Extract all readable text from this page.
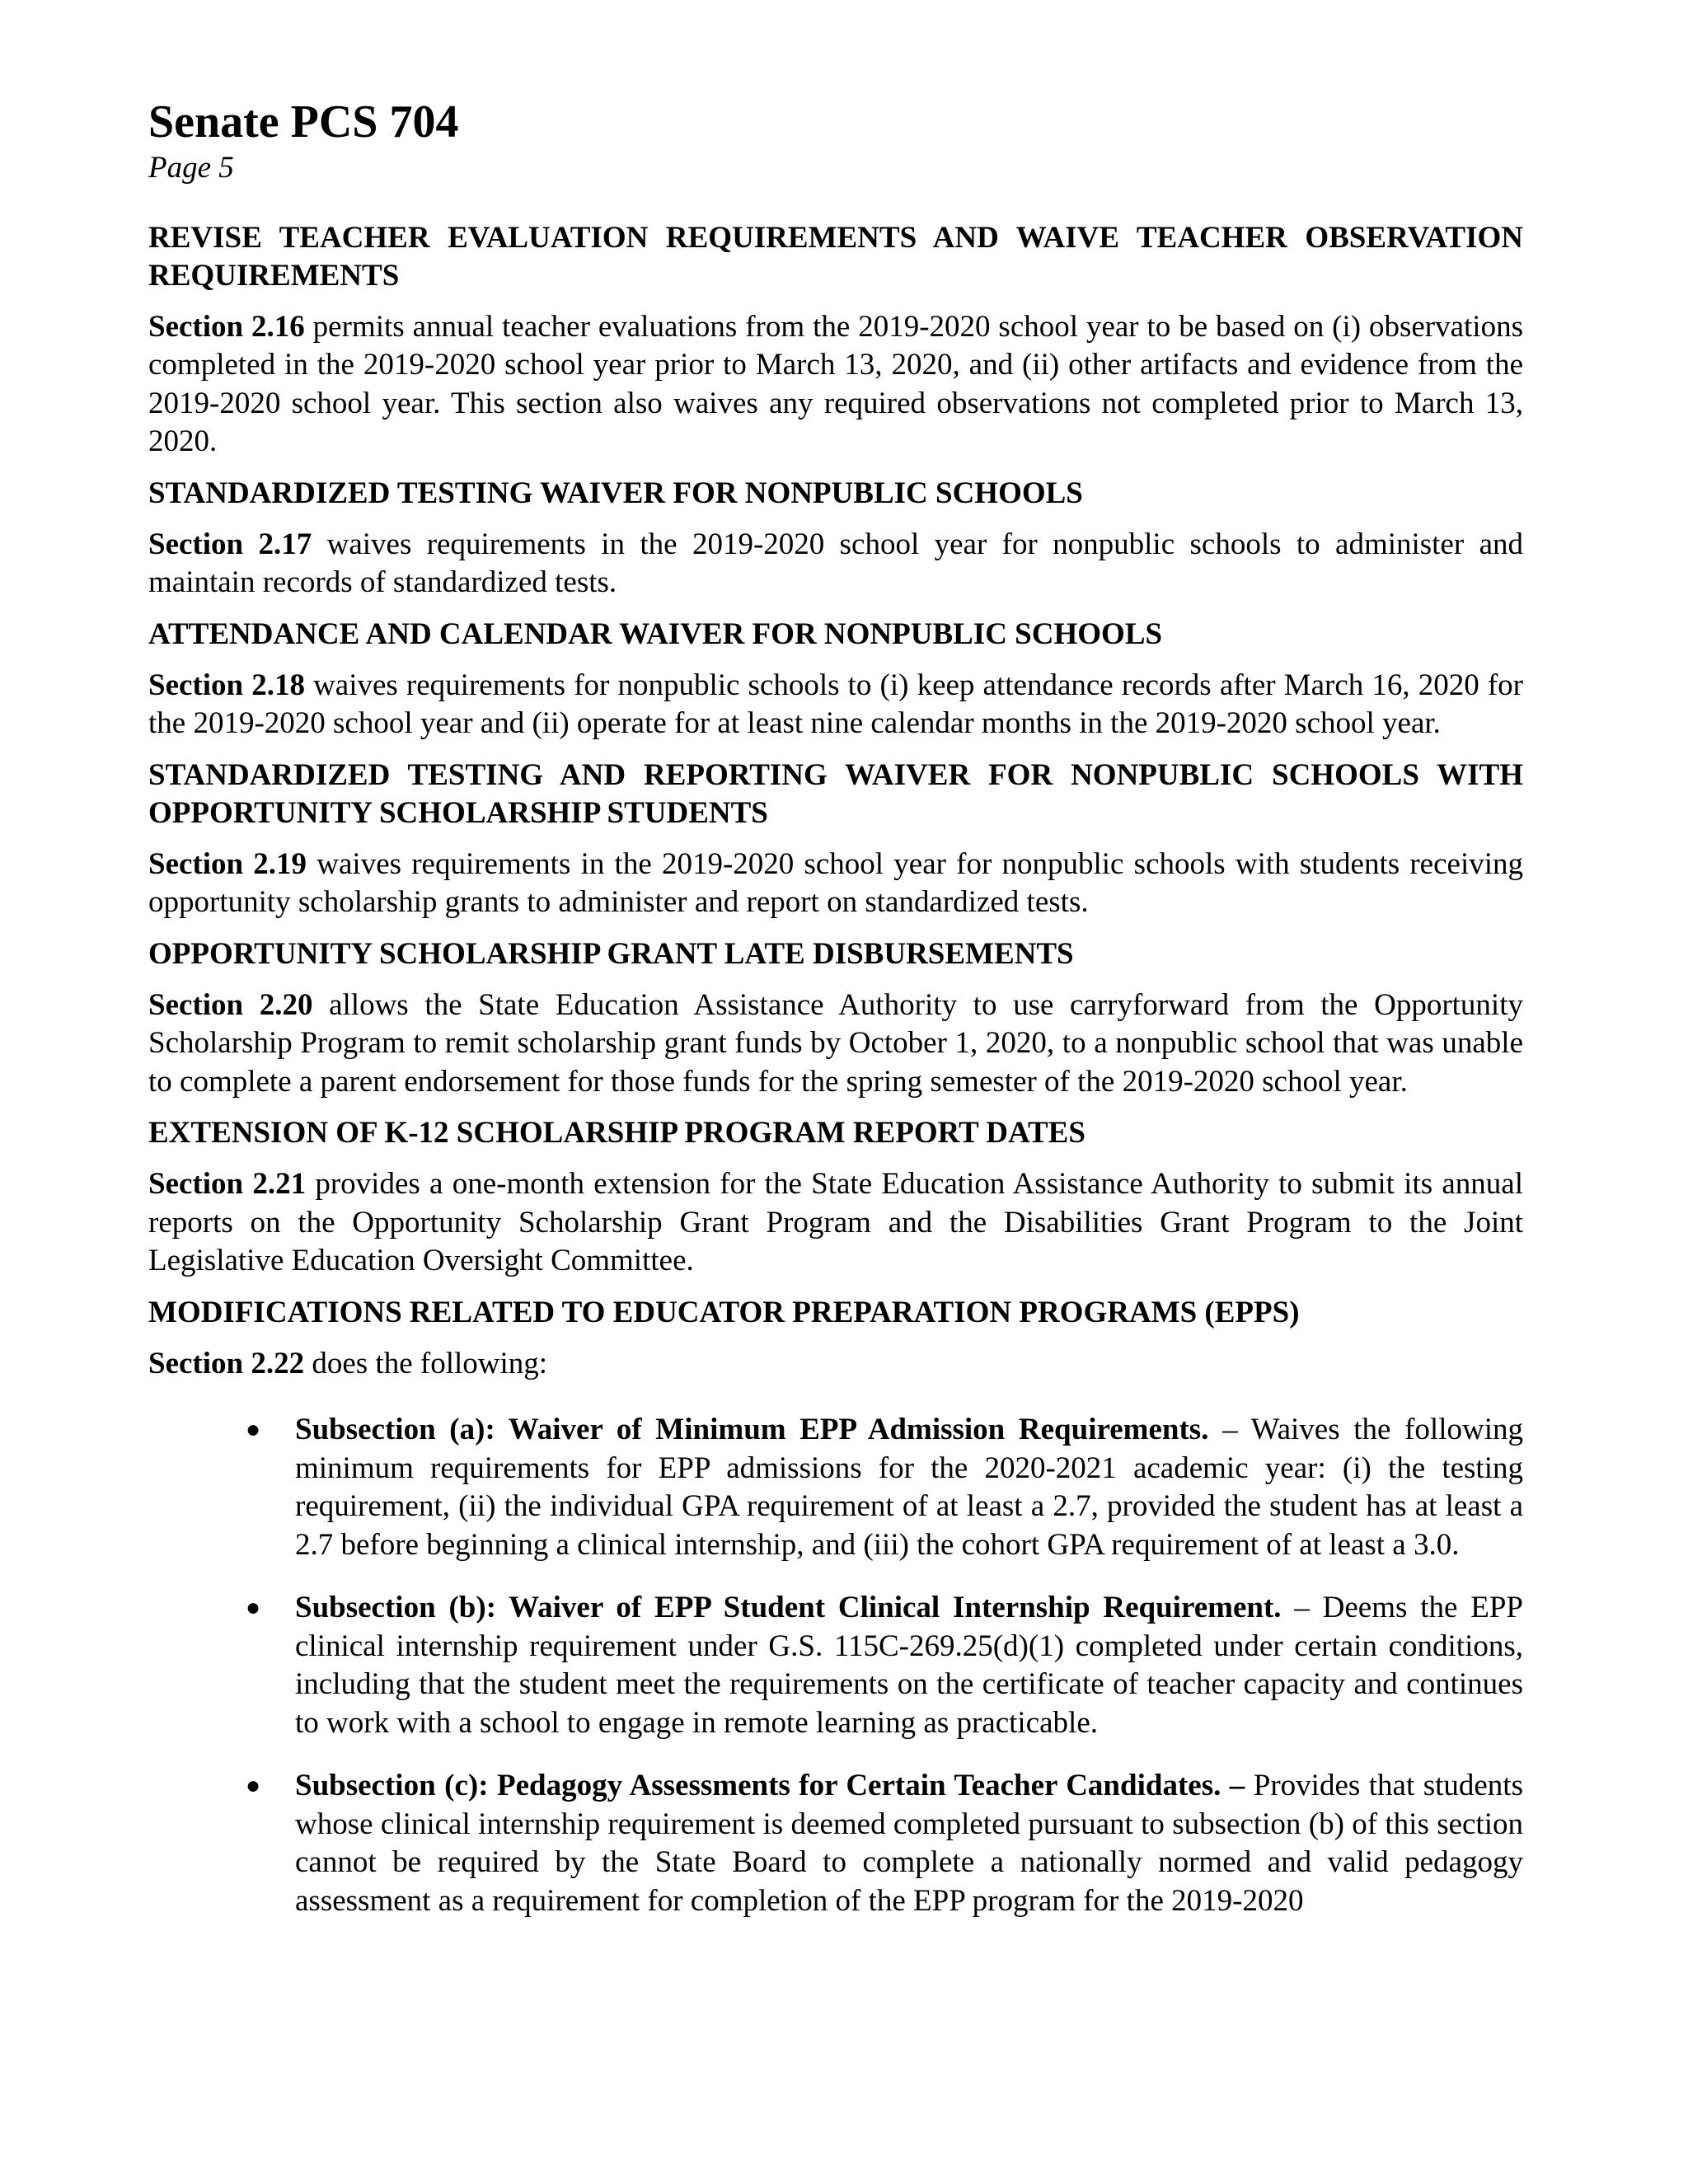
Senate PCS 704
Page 5
REVISE TEACHER EVALUATION REQUIREMENTS AND WAIVE TEACHER OBSERVATION REQUIREMENTS

Section 2.16 permits annual teacher evaluations from the 2019-2020 school year to be based on (i) observations completed in the 2019-2020 school year prior to March 13, 2020, and (ii) other artifacts and evidence from the 2019-2020 school year. This section also waives any required observations not completed prior to March 13, 2020.

STANDARDIZED TESTING WAIVER FOR NONPUBLIC SCHOOLS

Section 2.17 waives requirements in the 2019-2020 school year for nonpublic schools to administer and maintain records of standardized tests.

ATTENDANCE AND CALENDAR WAIVER FOR NONPUBLIC SCHOOLS

Section 2.18 waives requirements for nonpublic schools to (i) keep attendance records after March 16, 2020 for the 2019-2020 school year and (ii) operate for at least nine calendar months in the 2019-2020 school year.

STANDARDIZED TESTING AND REPORTING WAIVER FOR NONPUBLIC SCHOOLS WITH OPPORTUNITY SCHOLARSHIP STUDENTS

Section 2.19 waives requirements in the 2019-2020 school year for nonpublic schools with students receiving opportunity scholarship grants to administer and report on standardized tests.

OPPORTUNITY SCHOLARSHIP GRANT LATE DISBURSEMENTS

Section 2.20 allows the State Education Assistance Authority to use carryforward from the Opportunity Scholarship Program to remit scholarship grant funds by October 1, 2020, to a nonpublic school that was unable to complete a parent endorsement for those funds for the spring semester of the 2019-2020 school year.

EXTENSION OF K-12 SCHOLARSHIP PROGRAM REPORT DATES

Section 2.21 provides a one-month extension for the State Education Assistance Authority to submit its annual reports on the Opportunity Scholarship Grant Program and the Disabilities Grant Program to the Joint Legislative Education Oversight Committee.

MODIFICATIONS RELATED TO EDUCATOR PREPARATION PROGRAMS (EPPS)

Section 2.22 does the following:

● Subsection (a): Waiver of Minimum EPP Admission Requirements. – Waives the following minimum requirements for EPP admissions for the 2020-2021 academic year: (i) the testing requirement, (ii) the individual GPA requirement of at least a 2.7, provided the student has at least a 2.7 before beginning a clinical internship, and (iii) the cohort GPA requirement of at least a 3.0.
● Subsection (b): Waiver of EPP Student Clinical Internship Requirement. – Deems the EPP clinical internship requirement under G.S. 115C-269.25(d)(1) completed under certain conditions, including that the student meet the requirements on the certificate of teacher capacity and continues to work with a school to engage in remote learning as practicable.
● Subsection (c): Pedagogy Assessments for Certain Teacher Candidates. – Provides that students whose clinical internship requirement is deemed completed pursuant to subsection (b) of this section cannot be required by the State Board to complete a nationally normed and valid pedagogy assessment as a requirement for completion of the EPP program for the 2019-2020
